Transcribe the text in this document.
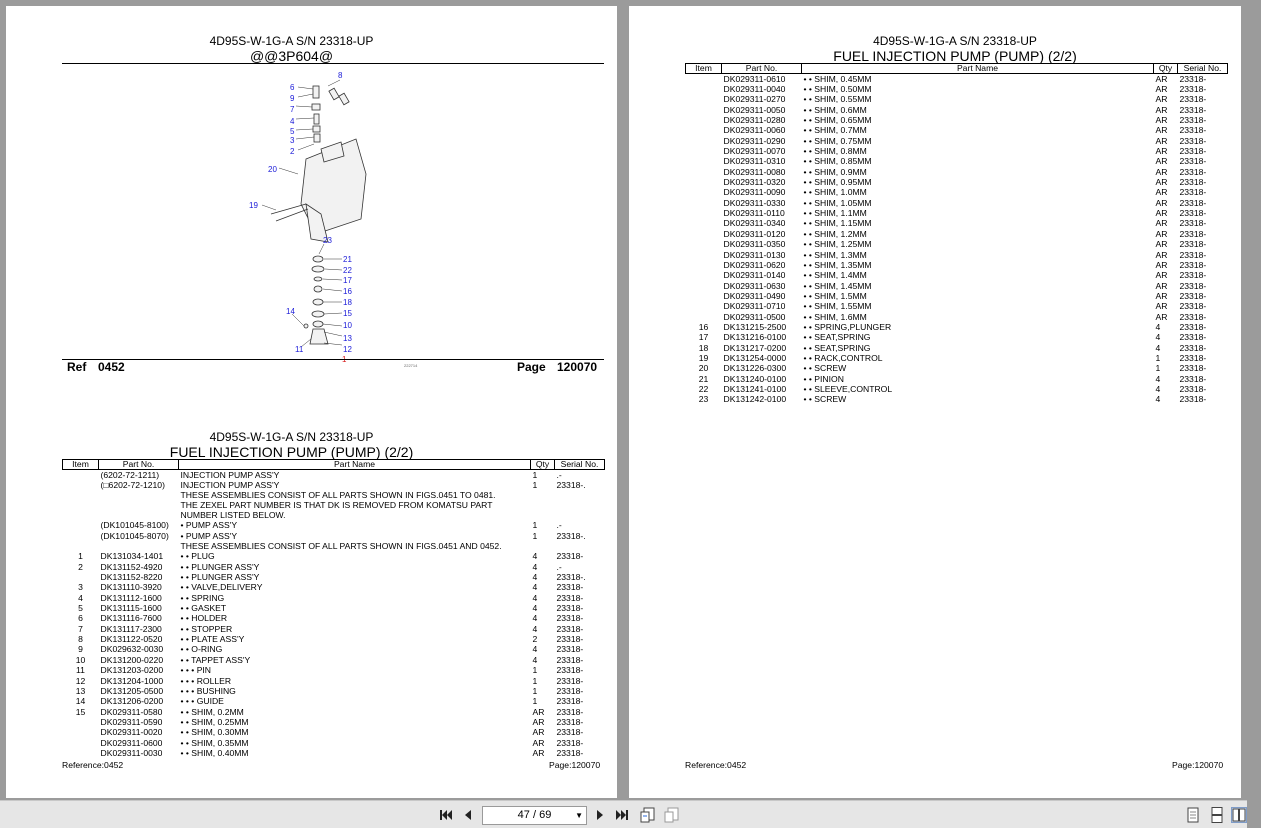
4D95S-W-1G-A S/N 23318-UP
@@3P604@
8
6
9
7
4
5
3
2
20
19
23
21
22
17
16
18
15
14
10
13
12
11
1
222714
Ref 0452	Page 120070
4D95S-W-1G-A S/N 23318-UP
FUEL INJECTION PUMP (PUMP) (2/2)
Item	Part No.	Part Name	Qty	Serial No.
	(6202-72-1211)	INJECTION PUMP ASS'Y	1	.-
	(□6202-72-1210)	INJECTION PUMP ASS'Y	1	23318-.
		THESE ASSEMBLIES CONSIST OF ALL PARTS SHOWN IN FIGS.0451 TO 0481.
THE ZEXEL PART NUMBER IS THAT DK IS REMOVED FROM KOMATSU PART
NUMBER LISTED BELOW.		
	(DK101045-8100)	• PUMP ASS'Y	1	.-
	(DK101045-8070)	• PUMP ASS'Y	1	23318-.
		THESE ASSEMBLIES CONSIST OF ALL PARTS SHOWN IN FIGS.0451 AND 0452.		
1	DK131034-1401	• • PLUG	4	23318-
2	DK131152-4920	• • PLUNGER ASS'Y	4	.-
	DK131152-8220	• • PLUNGER ASS'Y	4	23318-.
3	DK131110-3920	• • VALVE,DELIVERY	4	23318-
4	DK131112-1600	• • SPRING	4	23318-
5	DK131115-1600	• • GASKET	4	23318-
6	DK131116-7600	• • HOLDER	4	23318-
7	DK131117-2300	• • STOPPER	4	23318-
8	DK131122-0520	• • PLATE ASS'Y	2	23318-
9	DK029632-0030	• • O-RING	4	23318-
10	DK131200-0220	• • TAPPET ASS'Y	4	23318-
11	DK131203-0200	• • • PIN	1	23318-
12	DK131204-1000	• • • ROLLER	1	23318-
13	DK131205-0500	• • • BUSHING	1	23318-
14	DK131206-0200	• • • GUIDE	1	23318-
15	DK029311-0580	• • SHIM, 0.2MM	AR	23318-
	DK029311-0590	• • SHIM, 0.25MM	AR	23318-
	DK029311-0020	• • SHIM, 0.30MM	AR	23318-
	DK029311-0600	• • SHIM, 0.35MM	AR	23318-
	DK029311-0030	• • SHIM, 0.40MM	AR	23318-
Reference:0452	Page:120070
4D95S-W-1G-A S/N 23318-UP
FUEL INJECTION PUMP (PUMP) (2/2)
Item	Part No.	Part Name	Qty	Serial No.
	DK029311-0610	• • SHIM, 0.45MM	AR	23318-
	DK029311-0040	• • SHIM, 0.50MM	AR	23318-
	DK029311-0270	• • SHIM, 0.55MM	AR	23318-
	DK029311-0050	• • SHIM, 0.6MM	AR	23318-
	DK029311-0280	• • SHIM, 0.65MM	AR	23318-
	DK029311-0060	• • SHIM, 0.7MM	AR	23318-
	DK029311-0290	• • SHIM, 0.75MM	AR	23318-
	DK029311-0070	• • SHIM, 0.8MM	AR	23318-
	DK029311-0310	• • SHIM, 0.85MM	AR	23318-
	DK029311-0080	• • SHIM, 0.9MM	AR	23318-
	DK029311-0320	• • SHIM, 0.95MM	AR	23318-
	DK029311-0090	• • SHIM, 1.0MM	AR	23318-
	DK029311-0330	• • SHIM, 1.05MM	AR	23318-
	DK029311-0110	• • SHIM, 1.1MM	AR	23318-
	DK029311-0340	• • SHIM, 1.15MM	AR	23318-
	DK029311-0120	• • SHIM, 1.2MM	AR	23318-
	DK029311-0350	• • SHIM, 1.25MM	AR	23318-
	DK029311-0130	• • SHIM, 1.3MM	AR	23318-
	DK029311-0620	• • SHIM, 1.35MM	AR	23318-
	DK029311-0140	• • SHIM, 1.4MM	AR	23318-
	DK029311-0630	• • SHIM, 1.45MM	AR	23318-
	DK029311-0490	• • SHIM, 1.5MM	AR	23318-
	DK029311-0710	• • SHIM, 1.55MM	AR	23318-
	DK029311-0500	• • SHIM, 1.6MM	AR	23318-
16	DK131215-2500	• • SPRING,PLUNGER	4	23318-
17	DK131216-0100	• • SEAT,SPRING	4	23318-
18	DK131217-0200	• • SEAT,SPRING	4	23318-
19	DK131254-0000	• • RACK,CONTROL	1	23318-
20	DK131226-0300	• • SCREW	1	23318-
21	DK131240-0100	• • PINION	4	23318-
22	DK131241-0100	• • SLEEVE,CONTROL	4	23318-
23	DK131242-0100	• • SCREW	4	23318-
Reference:0452	Page:120070
47 / 69	▼
